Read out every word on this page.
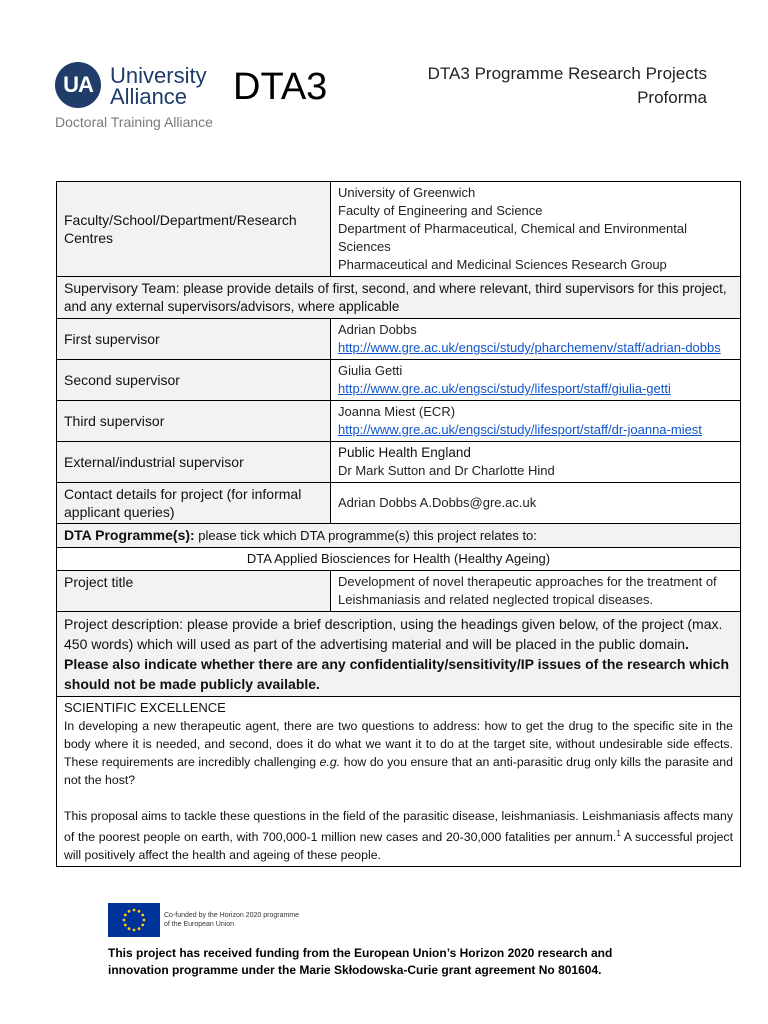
UA University
Alliance
Doctoral Training Alliance
DTA3	DTA3 Programme Research Projects
Proforma
Faculty/School/Department/Research Centres	University of Greenwich
Faculty of Engineering and Science
Department of Pharmaceutical, Chemical and Environmental Sciences
Pharmaceutical and Medicinal Sciences Research Group

Supervisory Team: please provide details of first, second, and where relevant, third supervisors for this project, and any external supervisors/advisors, where applicable	
First supervisor	Adrian Dobbs
http://www.gre.ac.uk/engsci/study/pharchemenv/staff/adrian-dobbs
Second supervisor	Giulia Getti
http://www.gre.ac.uk/engsci/study/lifesport/staff/giulia-getti
Third supervisor	Joanna Miest (ECR)
http://www.gre.ac.uk/engsci/study/lifesport/staff/dr-joanna-miest
External/industrial supervisor	Public Health England
Dr Mark Sutton and Dr Charlotte Hind

Contact details for project (for informal applicant queries)	Adrian Dobbs A.Dobbs@gre.ac.uk
DTA Programme(s): please tick which DTA programme(s) this project relates to:	
DTA Applied Biosciences for Health (Healthy Ageing)	
Project title	Development of novel therapeutic approaches for the treatment of Leishmaniasis and related neglected tropical diseases.
Project description: please provide a brief description, using the headings given below, of the project (max. 450 words) which will used as part of the advertising material and will be placed in the public domain. Please also indicate whether there are any confidentiality/sensitivity/IP issues of the research which should not be made publicly available.	

SCIENTIFIC EXCELLENCE
In developing a new therapeutic agent, there are two questions to address: how to get the drug to the specific site in the body where it is needed, and second, does it do what we want it to do at the target site, without undesirable side effects. These requirements are incredibly challenging e.g. how do you ensure that an anti-parasitic drug only kills the parasite and not the host?
This proposal aims to tackle these questions in the field of the parasitic disease, leishmaniasis. Leishmaniasis affects many of the poorest people on earth, with 700,000-1 million new cases and 20-30,000 fatalities per annum.$^1$ A successful project will positively affect the health and ageing of these people.	
Co-funded by the Horizon 2020 programme of the European Union
This project has received funding from the European Union’s Horizon 2020 research and innovation programme under the Marie Skłodowska-Curie grant agreement No 801604.
